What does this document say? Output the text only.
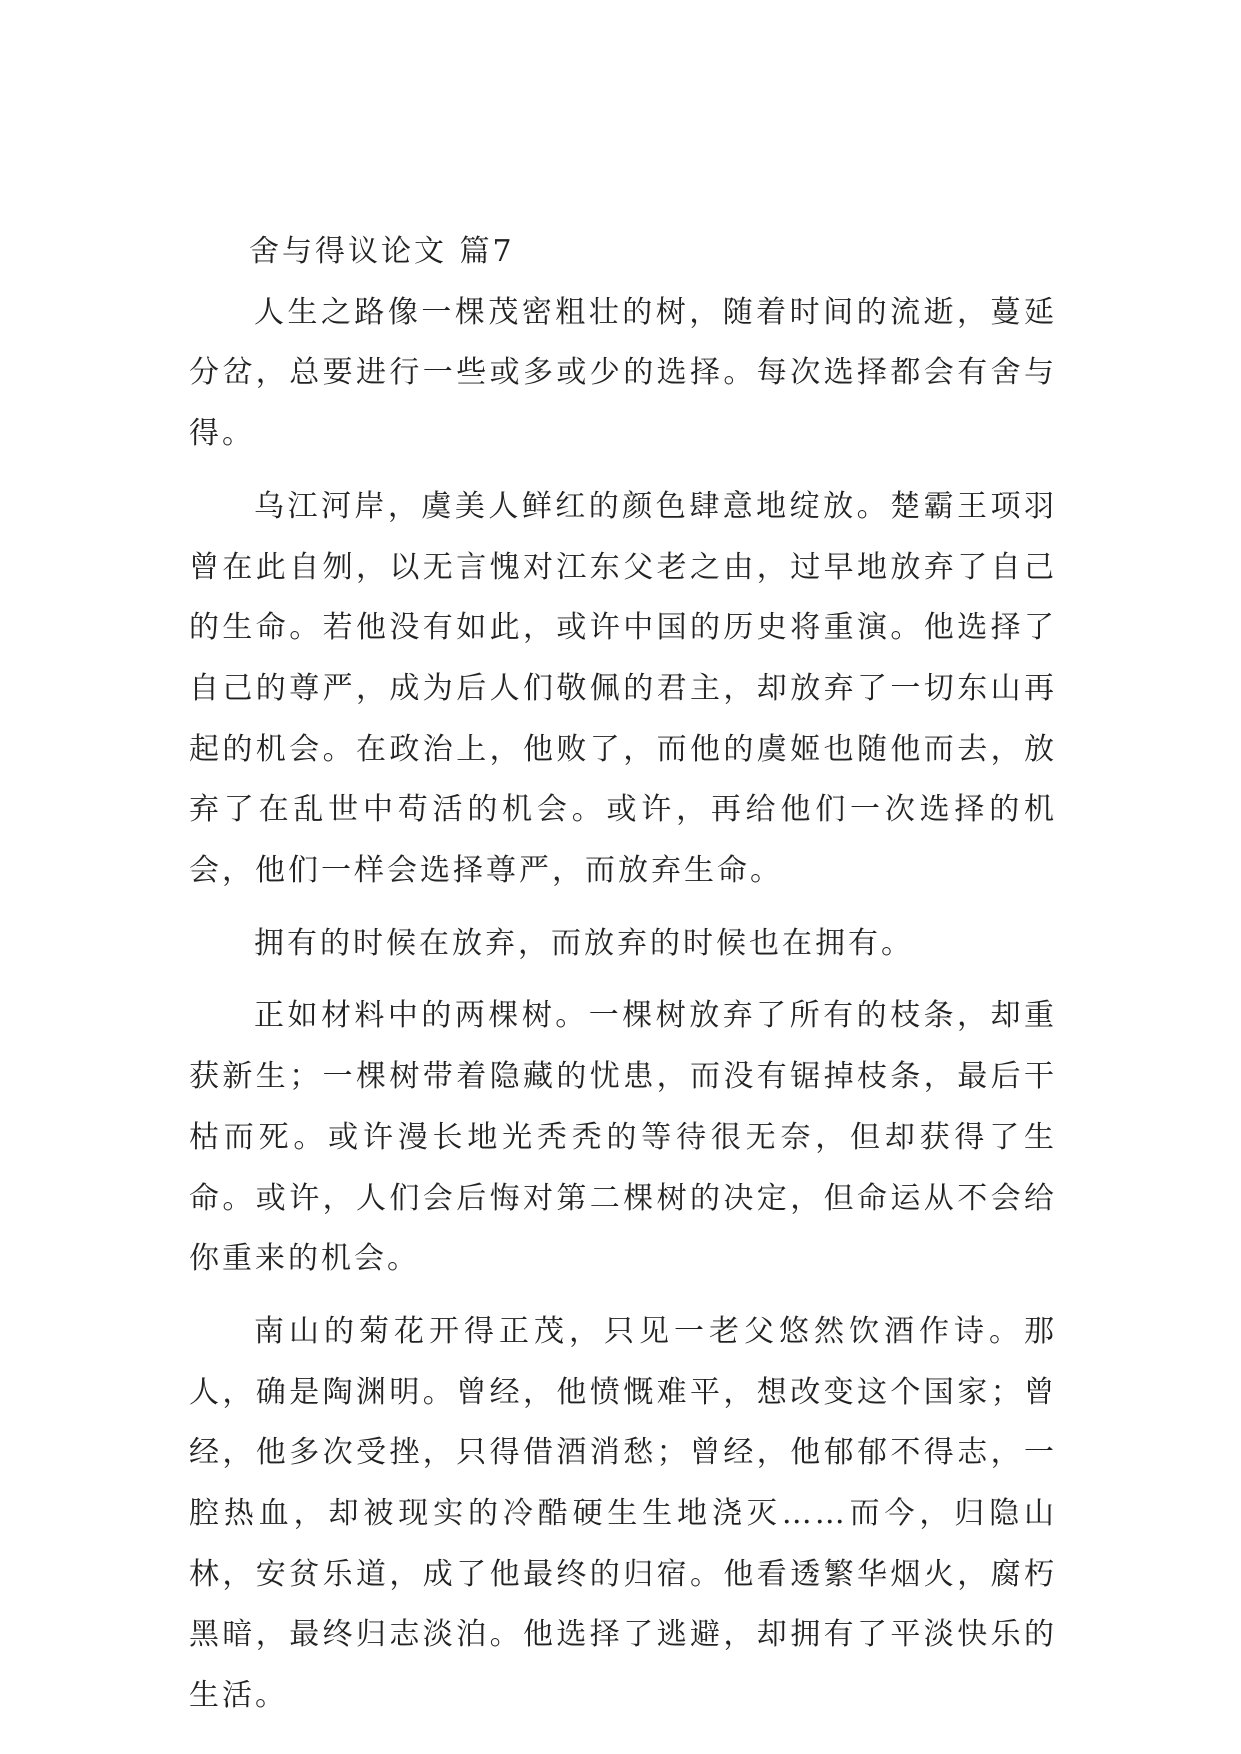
舍与得议论文 篇7

人生之路像一棵茂密粗壮的树，随着时间的流逝，蔓延分岔，总要进行一些或多或少的选择。每次选择都会有舍与得。

乌江河岸，虞美人鲜红的颜色肆意地绽放。楚霸王项羽曾在此自刎，以无言愧对江东父老之由，过早地放弃了自己的生命。若他没有如此，或许中国的历史将重演。他选择了自己的尊严，成为后人们敬佩的君主，却放弃了一切东山再起的机会。在政治上，他败了，而他的虞姬也随他而去，放弃了在乱世中苟活的机会。或许，再给他们一次选择的机会，他们一样会选择尊严，而放弃生命。

拥有的时候在放弃，而放弃的时候也在拥有。

正如材料中的两棵树。一棵树放弃了所有的枝条，却重获新生；一棵树带着隐藏的忧患，而没有锯掉枝条，最后干枯而死。或许漫长地光秃秃的等待很无奈，但却获得了生命。或许，人们会后悔对第二棵树的决定，但命运从不会给你重来的机会。

南山的菊花开得正茂，只见一老父悠然饮酒作诗。那人，确是陶渊明。曾经，他愤慨难平，想改变这个国家；曾经，他多次受挫，只得借酒消愁；曾经，他郁郁不得志，一腔热血，却被现实的冷酷硬生生地浇灭……而今，归隐山林，安贫乐道，成了他最终的归宿。他看透繁华烟火，腐朽黑暗，最终归志淡泊。他选择了逃避，却拥有了平淡快乐的生活。
